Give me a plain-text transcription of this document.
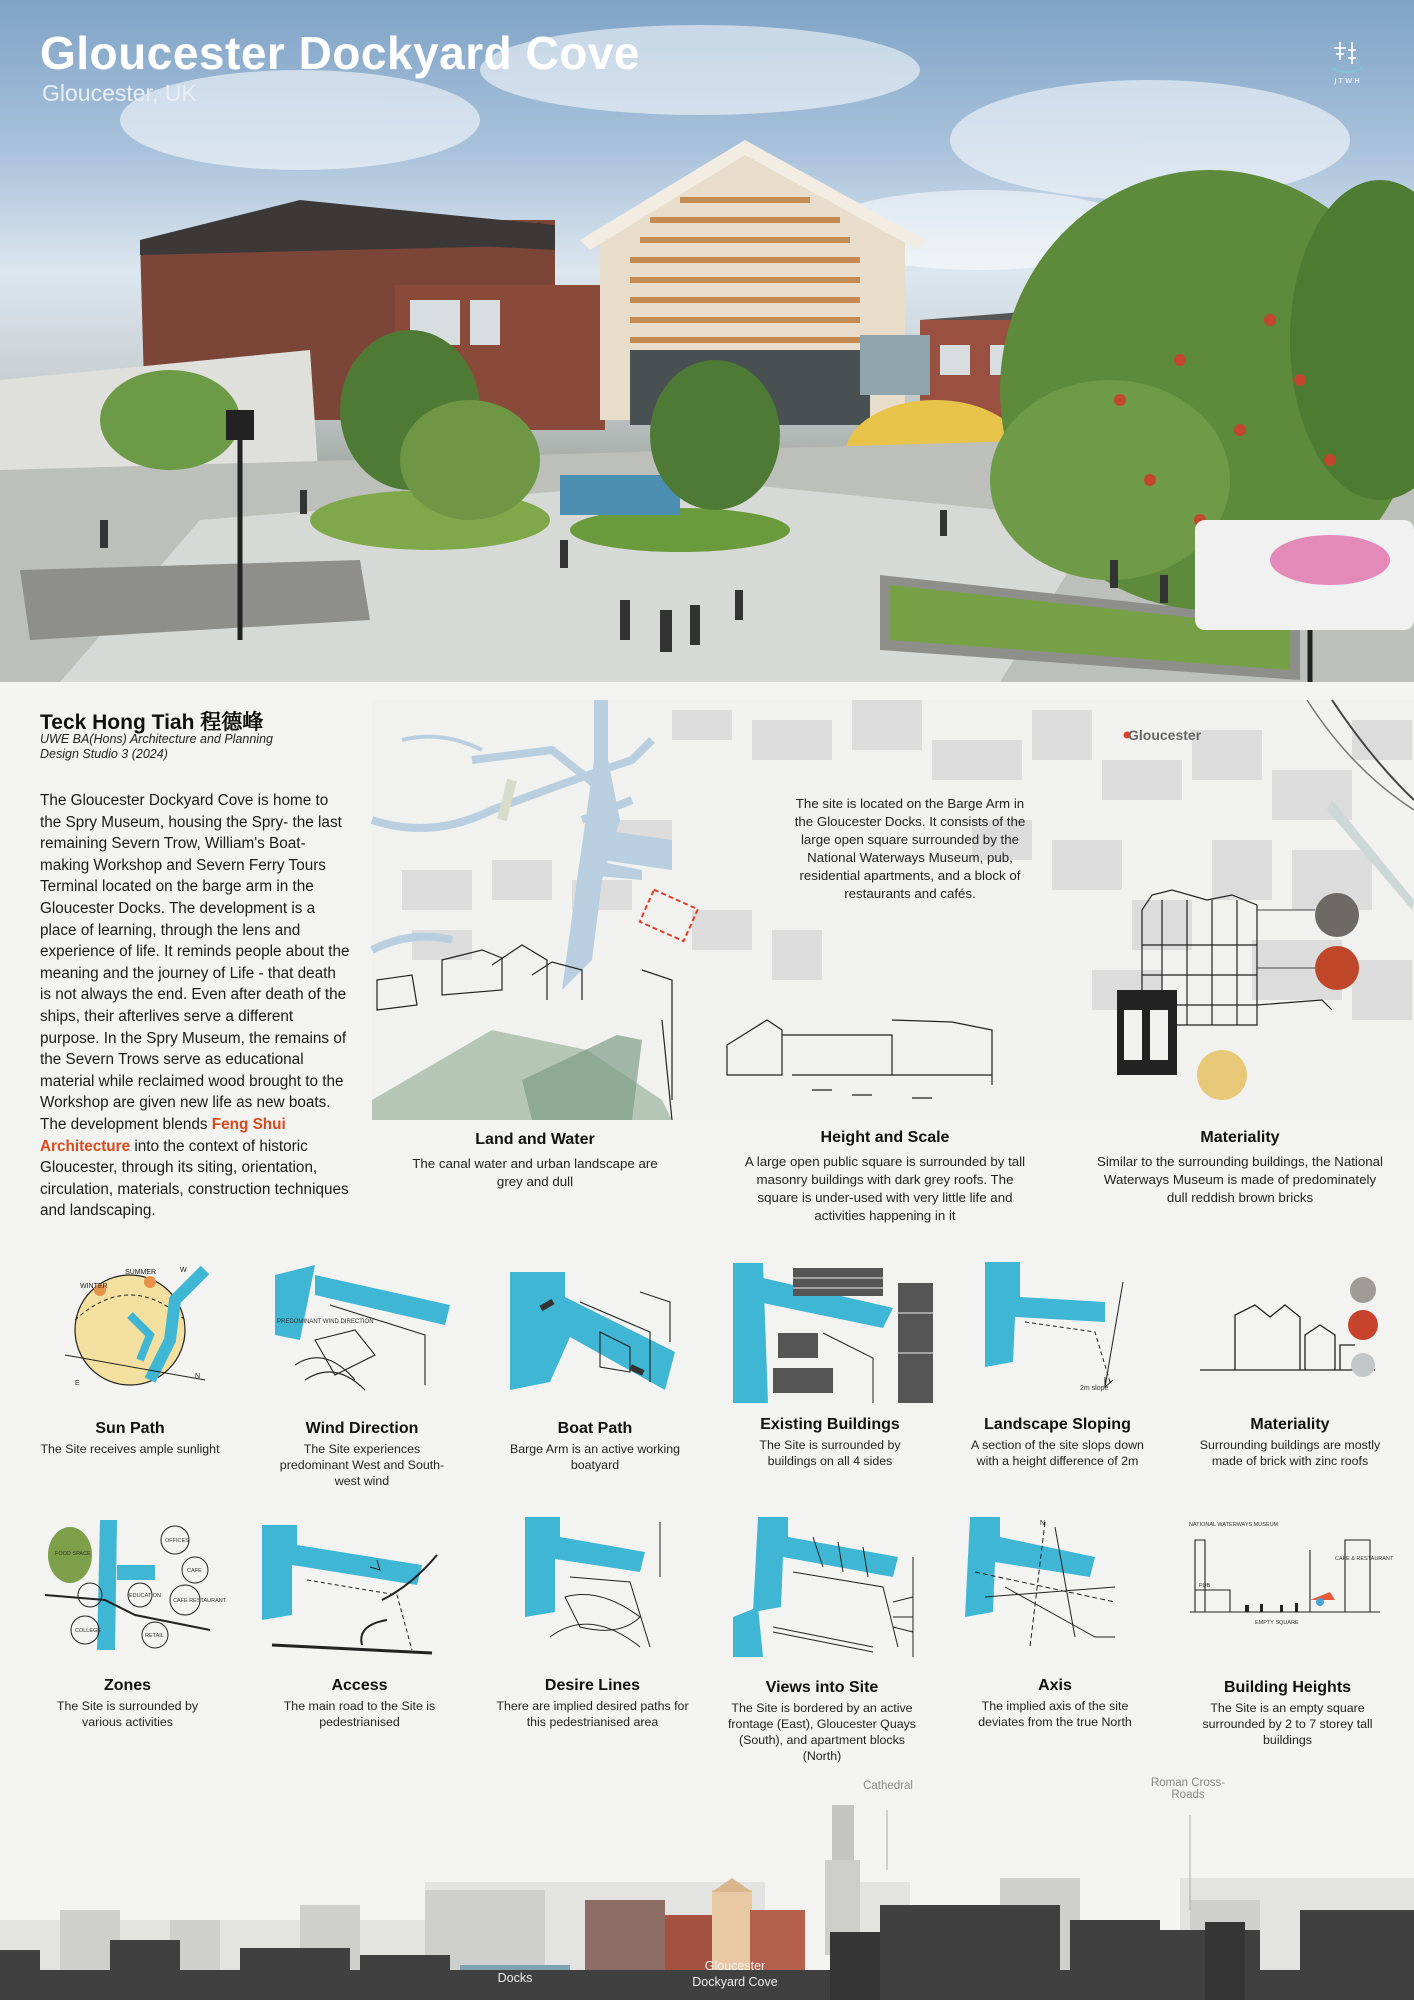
Gloucester Dockyard Cove
Gloucester, UK	J T W H
Teck Hong Tiah 程德峰
UWE BA(Hons) Architecture and Planning
Design Studio 3 (2024)
The Gloucester Dockyard Cove is home to the Spry Museum, housing the Spry- the last remaining Severn Trow, William's Boat-making Workshop and Severn Ferry Tours Terminal located on the barge arm in the Gloucester Docks. The development is a place of learning, through the lens and experience of life. It reminds people about the meaning and the journey of Life - that death is not always the end. Even after death of the ships, their afterlives serve a different purpose. In the Spry Museum, the remains of the Severn Trows serve as educational material while reclaimed wood brought to the Workshop are given new life as new boats. The development blends Feng Shui Architecture into the context of historic Gloucester, through its siting, orientation, circulation, materials, construction techniques and landscaping.
Gloucester
The site is located on the Barge Arm in the Gloucester Docks. It consists of the large open square surrounded by the National Waterways Museum, pub, residential apartments, and a block of restaurants and cafés.
Land and Water
The canal water and urban landscape are grey and dull
Height and Scale
A large open public square is surrounded by tall masonry buildings with dark grey roofs. The square is under-used with very little life and activities happening in it
Materiality
Similar to the surrounding buildings, the National Waterways Museum is made of predominately dull reddish brown bricks
WINTER
SUMMER	W
E
N
PREDOMINANT WIND DIRECTION
2m slope
Sun Path
The Site receives ample sunlight
Wind Direction
The Site experiences predominant West and South-west wind
Boat Path
Barge Arm is an active working boatyard
Existing Buildings
The Site is surrounded by buildings on all 4 sides
Landscape Sloping
A section of the site slops down with a height difference of 2m
Materiality
Surrounding buildings are mostly made of brick with zinc roofs
FOOD SPACE
OFFICES
CAFE
EDUCATION
CAFE RESTAURANT
COLLEGE
RETAIL
N	NATIONAL WATERWAYS MUSEUM
PUB
CAFE & RESTAURANT
EMPTY SQUARE
Zones
The Site is surrounded by various activities
Access
The main road to the Site is pedestrianised
Desire Lines
There are implied desired paths for this pedestrianised area
Views into Site
The Site is bordered by an active frontage (East), Gloucester Quays (South), and apartment blocks (North)
Axis
The implied axis of the site deviates from the true North
Building Heights
The Site is an empty square surrounded by 2 to 7 storey tall buildings
Cathedral	Roman Cross-Roads
Docks
Gloucester Dockyard Cove
